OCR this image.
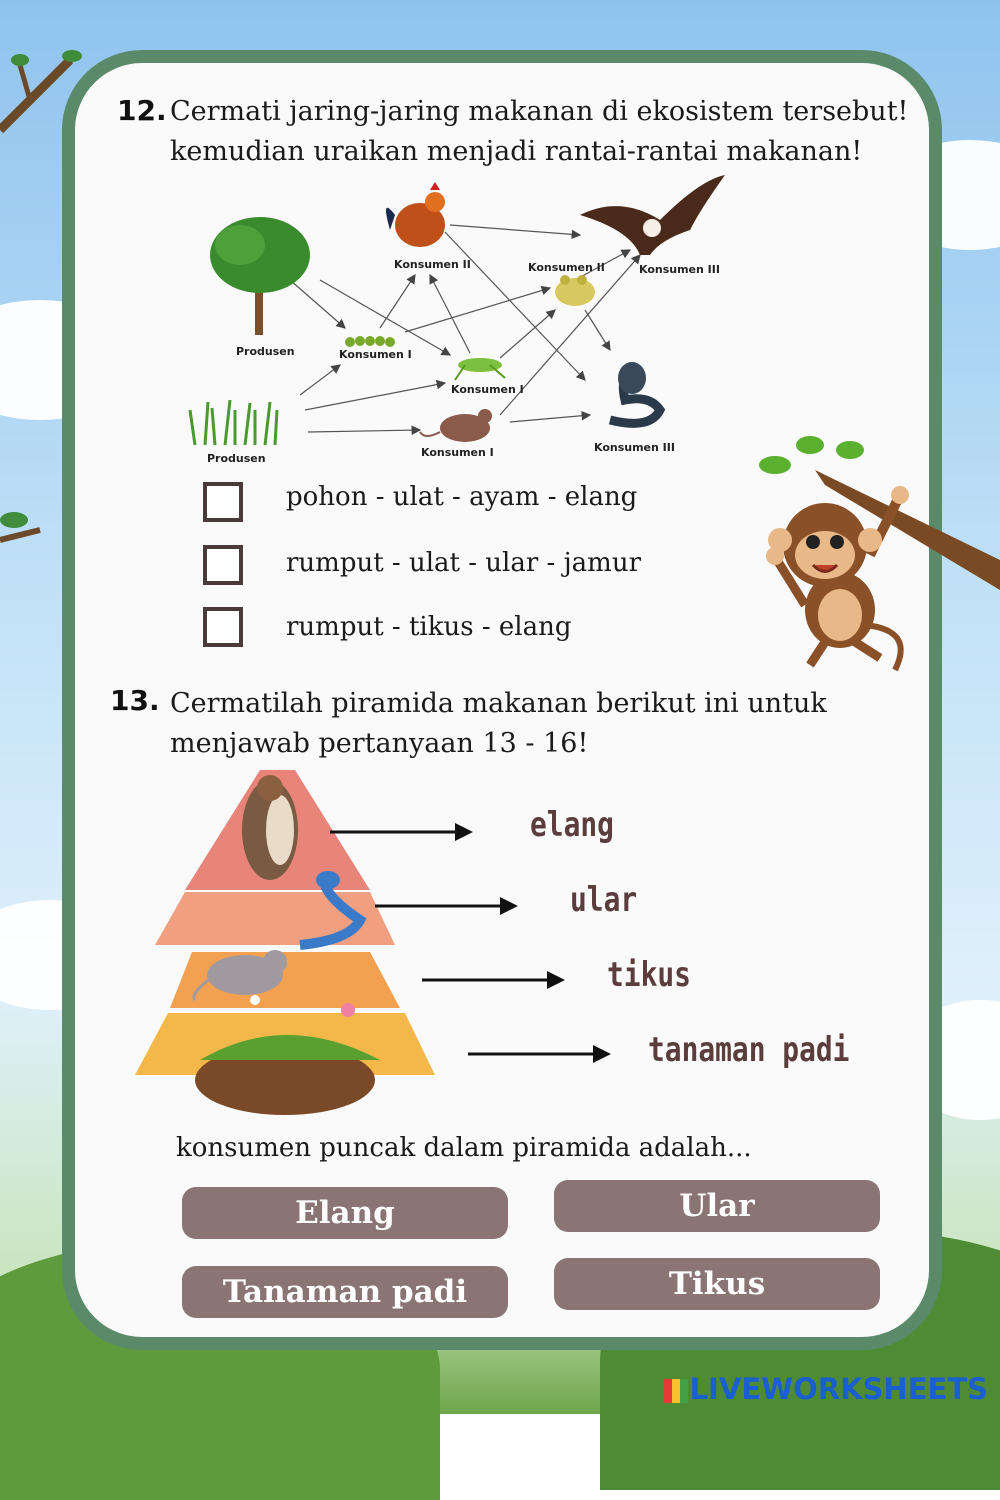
12. Cermati jaring-jaring makanan di ekosistem tersebut!
kemudian uraikan menjadi rantai-rantai makanan!
Produsen
Produsen
Konsumen I
Konsumen I
Konsumen I
Konsumen II	Konsumen II	Konsumen III
Konsumen III
pohon - ulat - ayam - elang
rumput - ulat - ular - jamur
rumput - tikus - elang
13. Cermatilah piramida makanan berikut ini untuk
menjawab pertanyaan 13 - 16!
elang
ular
tikus
tanaman padi
konsumen puncak dalam piramida adalah...
Elang	Ular
Tanaman padi	Tikus
LIVEWORKSHEETS
